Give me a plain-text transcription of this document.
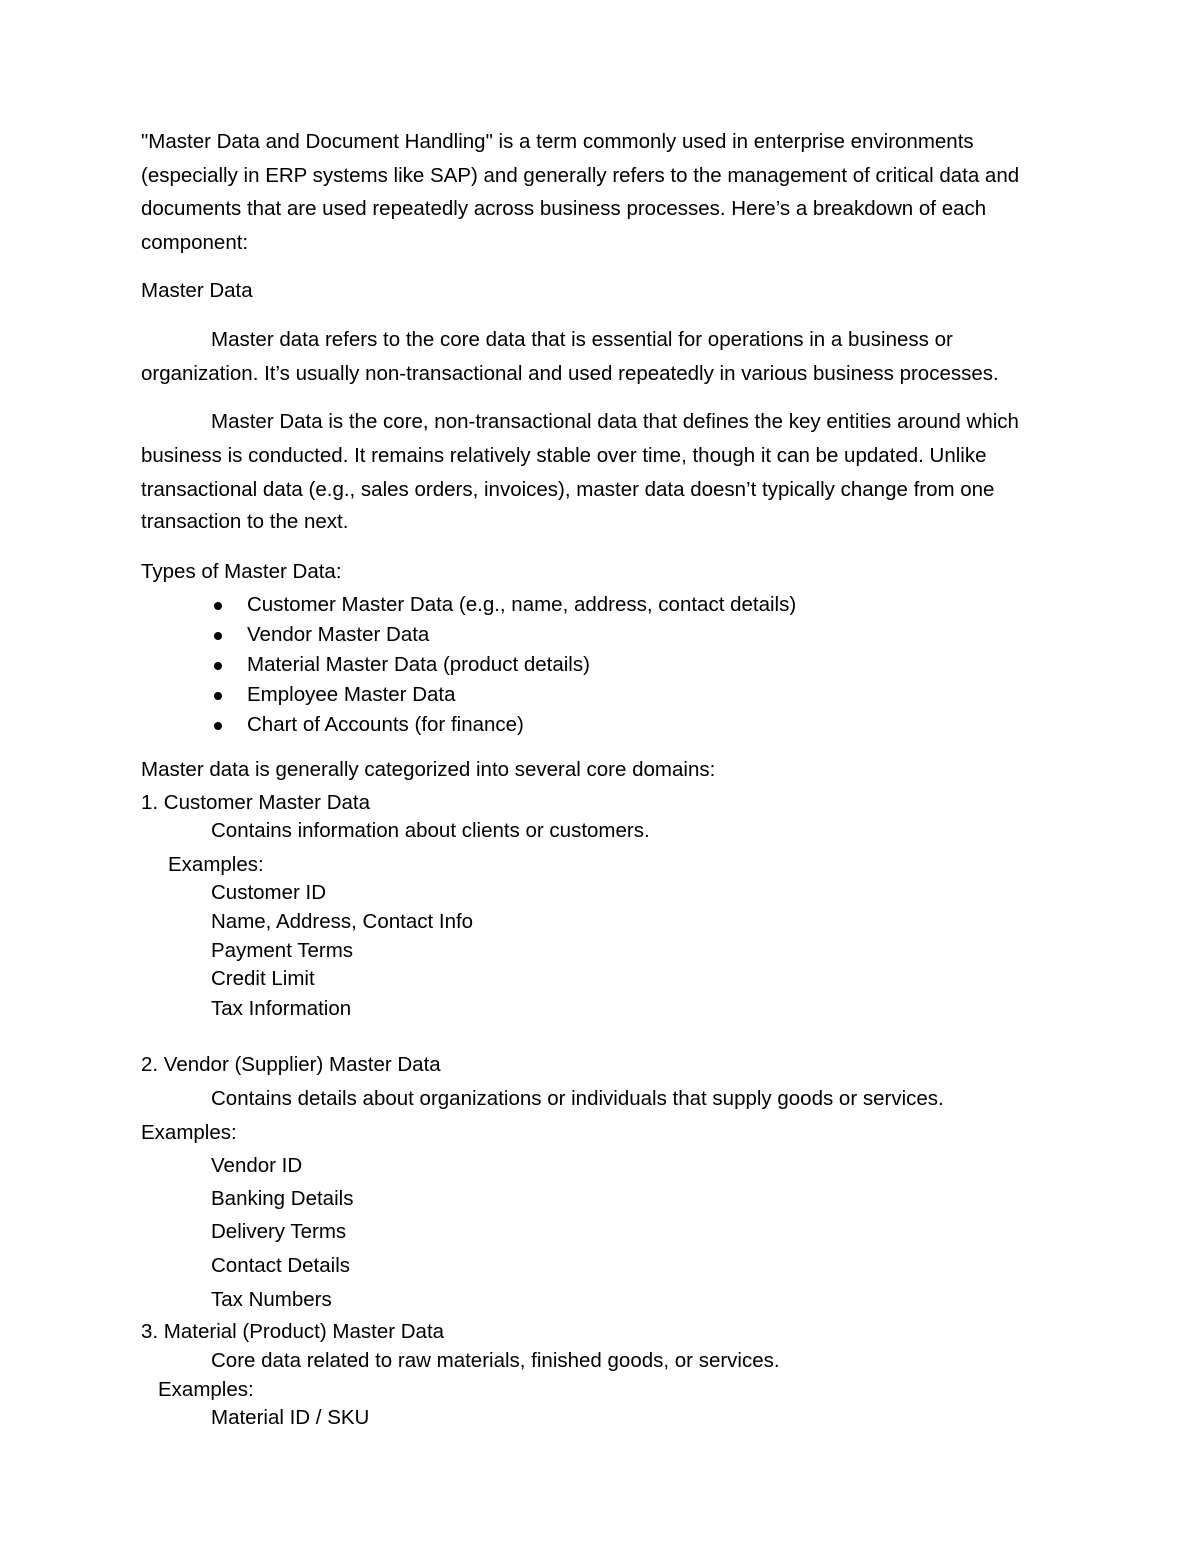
"Master Data and Document Handling" is a term commonly used in enterprise environments
(especially in ERP systems like SAP) and generally refers to the management of critical data and
documents that are used repeatedly across business processes. Here’s a breakdown of each
component:
Master Data
Master data refers to the core data that is essential for operations in a business or
organization. It’s usually non-transactional and used repeatedly in various business processes.
Master Data is the core, non-transactional data that defines the key entities around which
business is conducted. It remains relatively stable over time, though it can be updated. Unlike
transactional data (e.g., sales orders, invoices), master data doesn’t typically change from one
transaction to the next.
Types of Master Data:
Customer Master Data (e.g., name, address, contact details)
Vendor Master Data
Material Master Data (product details)
Employee Master Data
Chart of Accounts (for finance)
Master data is generally categorized into several core domains:
1. Customer Master Data
Contains information about clients or customers.
Examples:
Customer ID
Name, Address, Contact Info
Payment Terms
Credit Limit
Tax Information
2. Vendor (Supplier) Master Data
Contains details about organizations or individuals that supply goods or services.
Examples:
Vendor ID
Banking Details
Delivery Terms
Contact Details
Tax Numbers
3. Material (Product) Master Data
Core data related to raw materials, finished goods, or services.
Examples:
Material ID / SKU
